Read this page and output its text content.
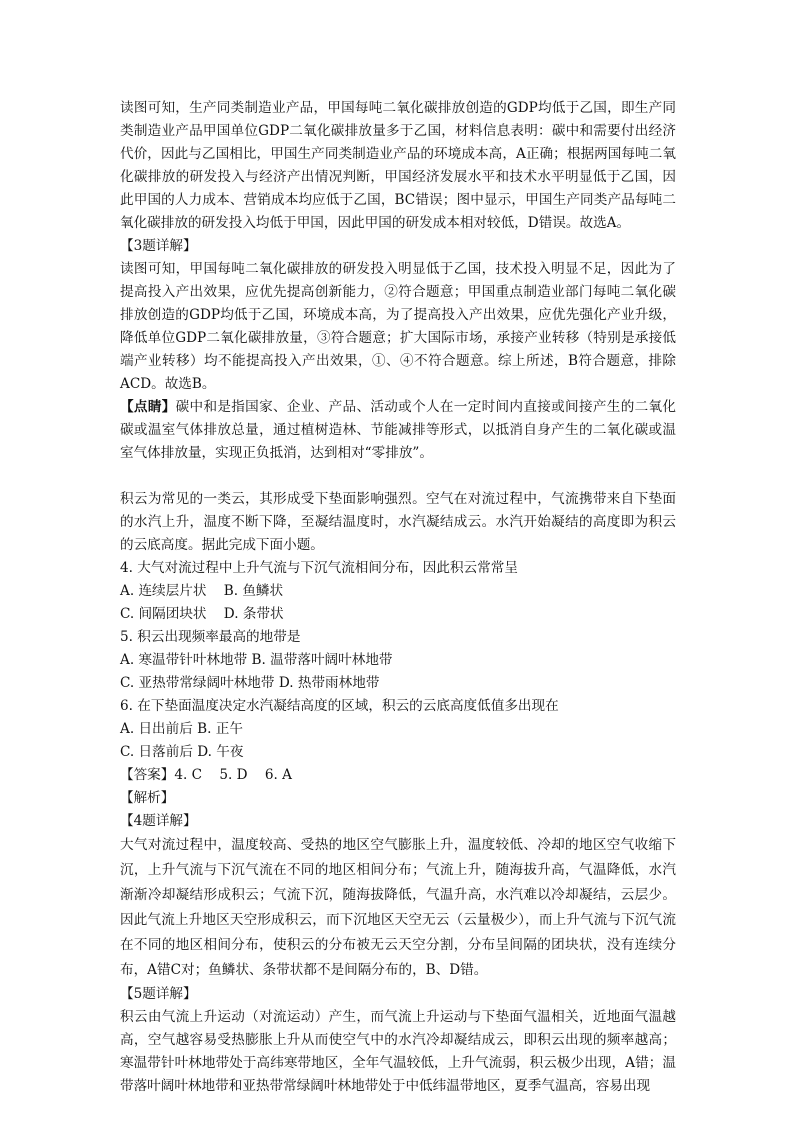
读图可知，生产同类制造业产品，甲国每吨二氧化碳排放创造的GDP均低于乙国，即生产同类制造业产品甲国单位GDP二氧化碳排放量多于乙国，材料信息表明：碳中和需要付出经济代价，因此与乙国相比，甲国生产同类制造业产品的环境成本高，A正确；根据两国每吨二氧化碳排放的研发投入与经济产出情况判断，甲国经济发展水平和技术水平明显低于乙国，因此甲国的人力成本、营销成本均应低于乙国，BC错误；图中显示，甲国生产同类产品每吨二氧化碳排放的研发投入均低于甲国，因此甲国的研发成本相对较低，D错误。故选A。

【3题详解】

读图可知，甲国每吨二氧化碳排放的研发投入明显低于乙国，技术投入明显不足，因此为了提高投入产出效果，应优先提高创新能力，②符合题意；甲国重点制造业部门每吨二氧化碳排放创造的GDP均低于乙国，环境成本高，为了提高投入产出效果，应优先强化产业升级，降低单位GDP二氧化碳排放量，③符合题意；扩大国际市场，承接产业转移（特别是承接低端产业转移）均不能提高投入产出效果，①、④不符合题意。综上所述，B符合题意，排除ACD。故选B。

【点睛】碳中和是指国家、企业、产品、活动或个人在一定时间内直接或间接产生的二氧化碳或温室气体排放总量，通过植树造林、节能减排等形式，以抵消自身产生的二氧化碳或温室气体排放量，实现正负抵消，达到相对“零排放”。

积云为常见的一类云，其形成受下垫面影响强烈。空气在对流过程中，气流携带来自下垫面的水汽上升，温度不断下降，至凝结温度时，水汽凝结成云。水汽开始凝结的高度即为积云的云底高度。据此完成下面小题。

4. 大气对流过程中上升气流与下沉气流相间分布，因此积云常常呈

A. 连续层片状    B. 鱼鳞状

C. 间隔团块状    D. 条带状

5. 积云出现频率最高的地带是

A. 寒温带针叶林地带 B. 温带落叶阔叶林地带

C. 亚热带常绿阔叶林地带 D. 热带雨林地带

6. 在下垫面温度决定水汽凝结高度的区域，积云的云底高度低值多出现在

A. 日出前后 B. 正午

C. 日落前后 D. 午夜

【答案】4. C    5. D    6. A

【解析】

【4题详解】

大气对流过程中，温度较高、受热的地区空气膨胀上升，温度较低、冷却的地区空气收缩下沉，上升气流与下沉气流在不同的地区相间分布；气流上升，随海拔升高，气温降低，水汽渐渐冷却凝结形成积云；气流下沉，随海拔降低，气温升高，水汽难以冷却凝结，云层少。因此气流上升地区天空形成积云，而下沉地区天空无云（云量极少），而上升气流与下沉气流在不同的地区相间分布，使积云的分布被无云天空分割，分布呈间隔的团块状，没有连续分布，A错C对；鱼鳞状、条带状都不是间隔分布的，B、D错。

【5题详解】

积云由气流上升运动（对流运动）产生，而气流上升运动与下垫面气温相关，近地面气温越高，空气越容易受热膨胀上升从而使空气中的水汽冷却凝结成云，即积云出现的频率越高；寒温带针叶林地带处于高纬寒带地区，全年气温较低，上升气流弱，积云极少出现，A错；温带落叶阔叶林地带和亚热带常绿阔叶林地带处于中低纬温带地区，夏季气温高，容易出现
